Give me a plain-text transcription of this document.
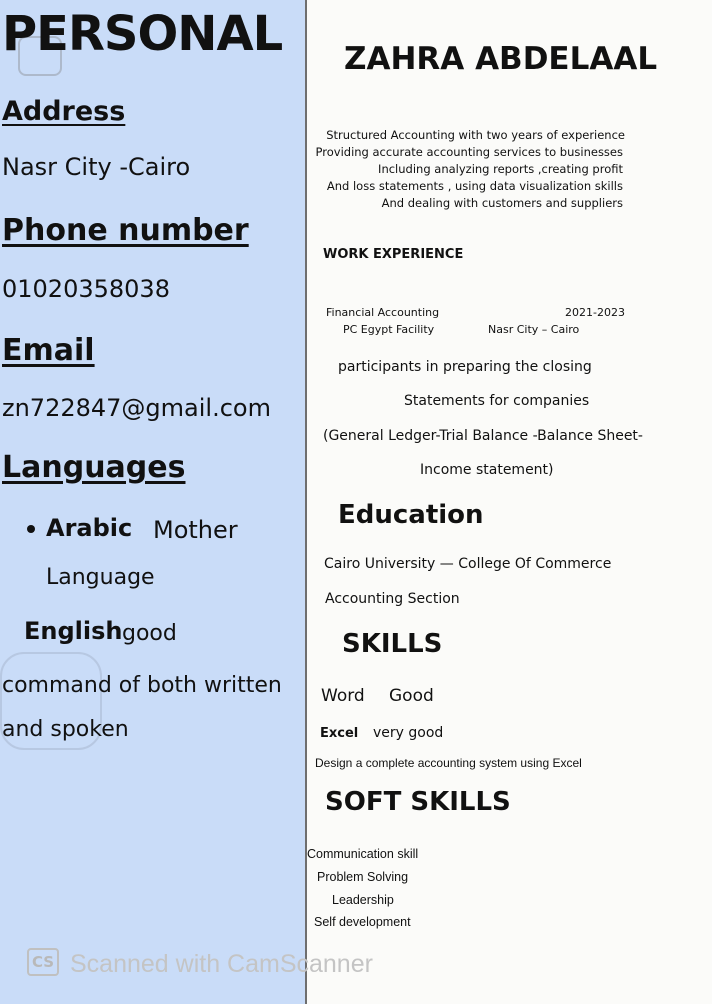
PERSONAL
Address
Nasr City -Cairo
Phone number
01020358038
Email
zn722847@gmail.com
Languages
Arabic Mother
Language
English good
command of both written
and spoken
ZAHRA ABDELAAL
Structured Accounting with two years of experience
Providing accurate accounting services to businesses
Including analyzing reports ,creating profit
And loss statements , using data visualization skills
And dealing with customers and suppliers
WORK EXPERIENCE
Financial Accounting	2021-2023
PC Egypt Facility	Nasr City – Cairo
participants in preparing the closing
Statements for companies
(General Ledger-Trial Balance -Balance Sheet-
Income statement)
Education
Cairo University — College Of Commerce
Accounting Section
SKILLS
Word Good
Excel very good
Design a complete accounting system using Excel
SOFT SKILLS
Communication skill
Problem Solving
Leadership
Self development
CS Scanned with CamScanner
